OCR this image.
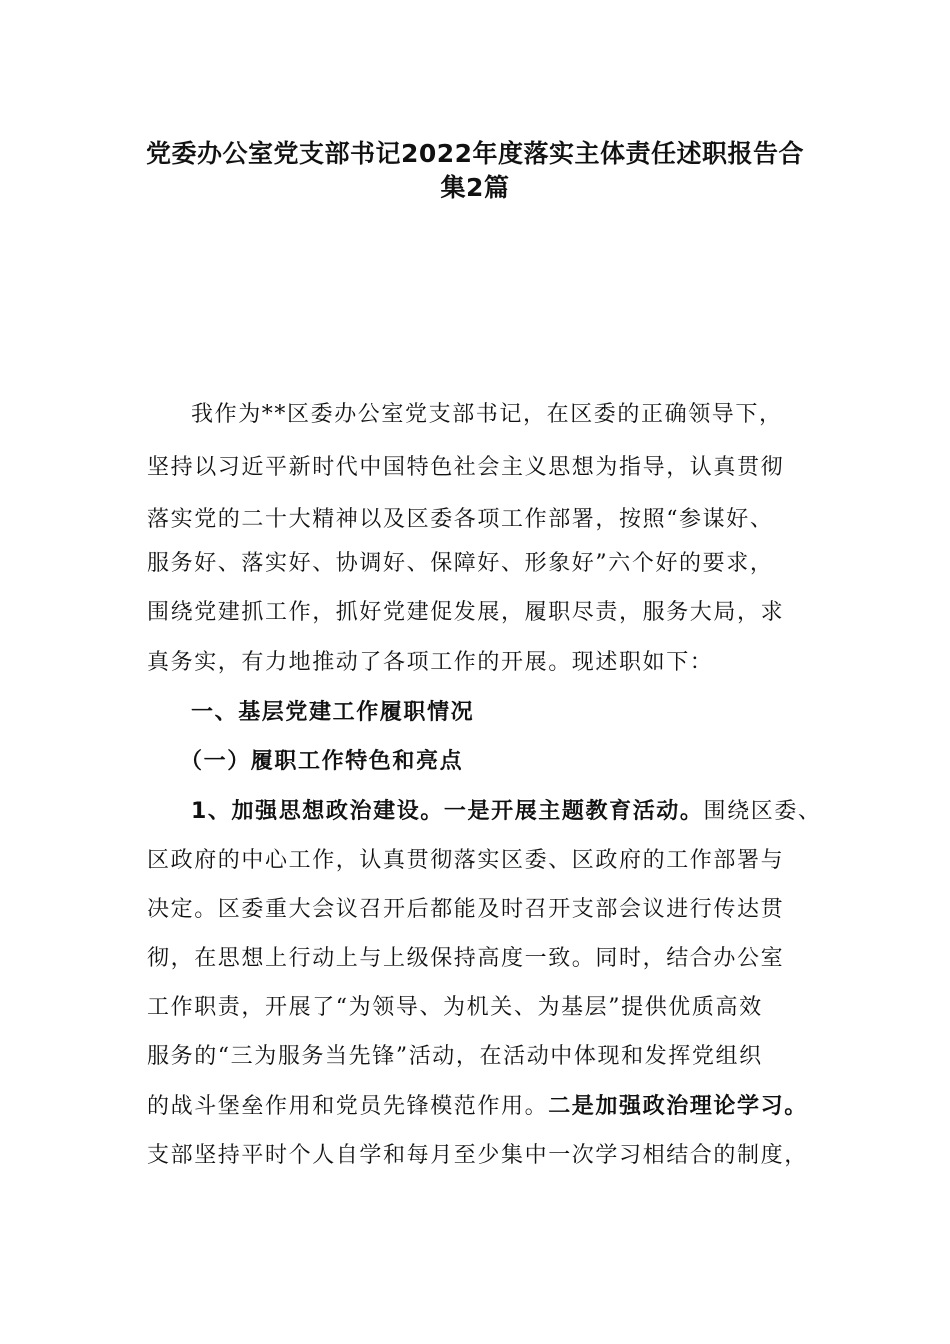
党委办公室党支部书记2022年度落实主体责任述职报告合
集2篇
我作为**区委办公室党支部书记，在区委的正确领导下，
坚持以习近平新时代中国特色社会主义思想为指导，认真贯彻
落实党的二十大精神以及区委各项工作部署，按照“参谋好、
服务好、落实好、协调好、保障好、形象好”六个好的要求，
围绕党建抓工作，抓好党建促发展，履职尽责，服务大局，求
真务实，有力地推动了各项工作的开展。现述职如下：
一、基层党建工作履职情况
（一）履职工作特色和亮点
1、加强思想政治建设。一是开展主题教育活动。围绕区委、
区政府的中心工作，认真贯彻落实区委、区政府的工作部署与
决定。区委重大会议召开后都能及时召开支部会议进行传达贯
彻，在思想上行动上与上级保持高度一致。同时，结合办公室
工作职责，开展了“为领导、为机关、为基层”提供优质高效
服务的“三为服务当先锋”活动，在活动中体现和发挥党组织
的战斗堡垒作用和党员先锋模范作用。二是加强政治理论学习。
支部坚持平时个人自学和每月至少集中一次学习相结合的制度，
